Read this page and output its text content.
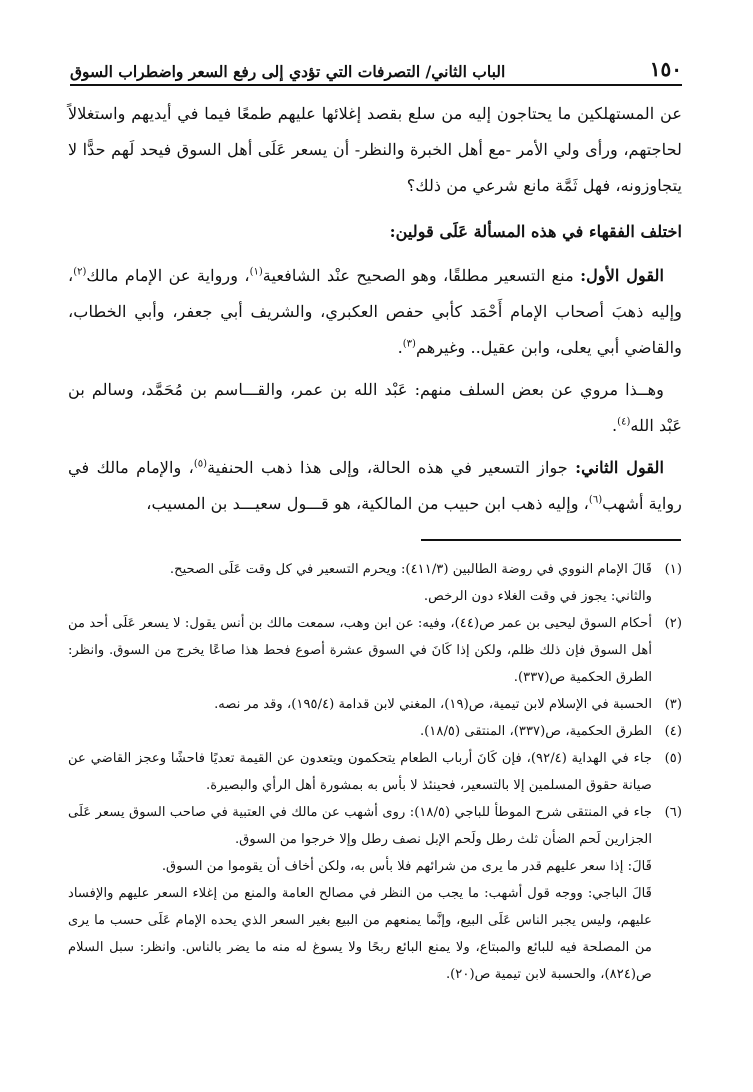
١٥٠
الباب الثاني/ التصرفات التي تؤدي إلى رفع السعر واضطراب السوق

عن المستهلكين ما يحتاجون إليه من سلع بقصد إغلائها عليهم طمعًا فيما في أيديهم واستغلالاً لحاجتهم، ورأى ولي الأمر -مع أهل الخبرة والنظر- أن يسعر عَلَى أهل السوق فيحد لَهم حدًّا لا يتجاوزونه، فهل ثَمَّة مانع شرعي من ذلك؟

اختلف الفقهاء في هذه المسألة عَلَى قولين:

القول الأول: منع التسعير مطلقًا، وهو الصحيح عنْد الشافعية$^{(١)}$، ورواية عن الإمام مالك$^{(٢)}$، وإليه ذهبَ أصحاب الإمام أَحْمَد كأبي حفص العكبري، والشريف أبي جعفر، وأبي الخطاب، والقاضي أبي يعلى، وابن عقيل.. وغيرهم$^{(٣)}$.

وهــذا مروي عن بعض السلف منهم: عَبْد الله بن عمر، والقـــاسم بن مُحَمَّد، وسالم بن عَبْد الله$^{(٤)}$.

القول الثاني: جواز التسعير في هذه الحالة، وإلى هذا ذهب الحنفية$^{(٥)}$، والإمام مالك في رواية أشهب$^{(٦)}$، وإليه ذهب ابن حبيب من المالكية، هو قـــول سعيـــد بن المسيب،

(١)

قَالَ الإمام النووي في روضة الطالبين (٤١١/٣): ويحرم التسعير في كل وقت عَلَى الصحيح.

والثاني: يجوز في وقت الغلاء دون الرخص.

(٢)

أحكام السوق ليحيى بن عمر ص(٤٤)، وفيه: عن ابن وهب، سمعت مالك بن أنس يقول: لا يسعر عَلَى أحد من أهل السوق فإن ذلك ظلم، ولكن إذا كَانَ في السوق عشرة أصوع فحط هذا صاعًا يخرج من السوق. وانظر: الطرق الحكمية ص(٣٣٧).

(٣)

الحسبة في الإسلام لابن تيمية، ص(١٩)، المغني لابن قدامة (١٩٥/٤)، وقد مر نصه.

(٤)

الطرق الحكمية، ص(٣٣٧)، المنتقى (١٨/٥).

(٥)

جاء في الهداية (٩٢/٤)، فإن كَانَ أرباب الطعام يتحكمون ويتعدون عن القيمة تعديًا فاحشًا وعجز القاضي عن صيانة حقوق المسلمين إلا بالتسعير، فحينئذ لا بأس به بمشورة أهل الرأي والبصيرة.

(٦)

جاء في المنتقى شرح الموطأ للباجي (١٨/٥): روى أشهب عن مالك في العتبية في صاحب السوق يسعر عَلَى الجزارين لَحم الضأن ثلث رطل ولَحم الإبل نصف رطل وإلا خرجوا من السوق.

قَالَ: إذا سعر عليهم قدر ما يرى من شرائهم فلا بأس به، ولكن أخاف أن يقوموا من السوق.

قَالَ الباجي: ووجه قول أشهب: ما يجب من النظر في مصالح العامة والمنع من إغلاء السعر عليهم والإفساد عليهم، وليس يجبر الناس عَلَى البيع، وإنَّما يمنعهم من البيع بغير السعر الذي يحده الإمام عَلَى حسب ما يرى من المصلحة فيه للبائع والمبتاع، ولا يمنع البائع ربحًا ولا يسوغ له منه ما يضر بالناس. وانظر: سبل السلام ص(٨٢٤)، والحسبة لابن تيمية ص(٢٠).
